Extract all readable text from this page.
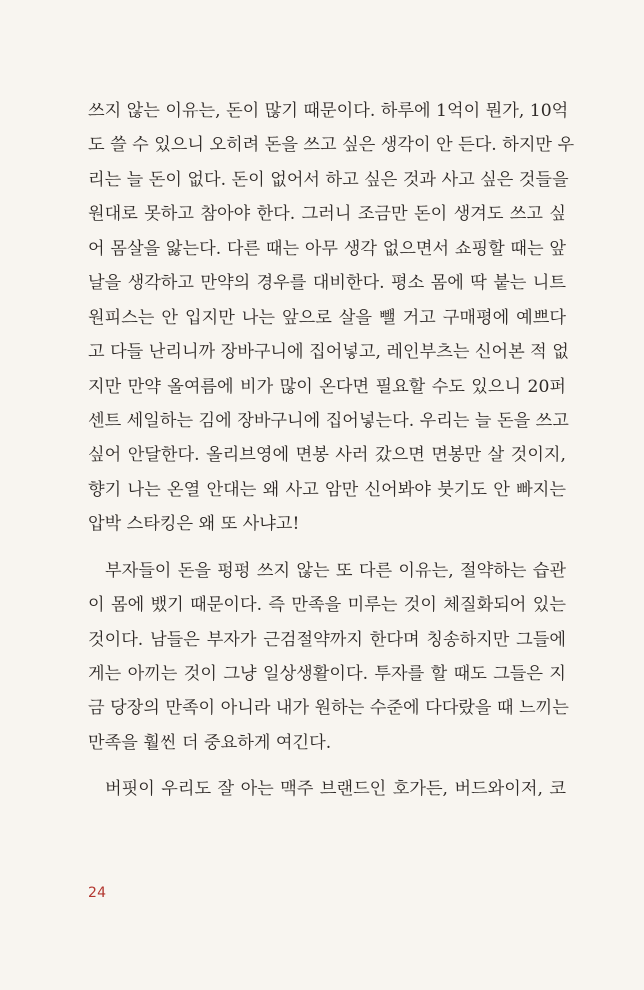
쓰지 않는 이유는, 돈이 많기 때문이다. 하루에 1억이 뭔가, 10억
도 쓸 수 있으니 오히려 돈을 쓰고 싶은 생각이 안 든다. 하지만 우
리는 늘 돈이 없다. 돈이 없어서 하고 싶은 것과 사고 싶은 것들을
원대로 못하고 참아야 한다. 그러니 조금만 돈이 생겨도 쓰고 싶
어 몸살을 앓는다. 다른 때는 아무 생각 없으면서 쇼핑할 때는 앞
날을 생각하고 만약의 경우를 대비한다. 평소 몸에 딱 붙는 니트
원피스는 안 입지만 나는 앞으로 살을 뺄 거고 구매평에 예쁘다
고 다들 난리니까 장바구니에 집어넣고, 레인부츠는 신어본 적 없
지만 만약 올여름에 비가 많이 온다면 필요할 수도 있으니 20퍼
센트 세일하는 김에 장바구니에 집어넣는다. 우리는 늘 돈을 쓰고
싶어 안달한다. 올리브영에 면봉 사러 갔으면 면봉만 살 것이지,
향기 나는 온열 안대는 왜 사고 암만 신어봐야 붓기도 안 빠지는
압박 스타킹은 왜 또 사냐고!
부자들이 돈을 펑펑 쓰지 않는 또 다른 이유는, 절약하는 습관
이 몸에 뱄기 때문이다. 즉 만족을 미루는 것이 체질화되어 있는
것이다. 남들은 부자가 근검절약까지 한다며 칭송하지만 그들에
게는 아끼는 것이 그냥 일상생활이다. 투자를 할 때도 그들은 지
금 당장의 만족이 아니라 내가 원하는 수준에 다다랐을 때 느끼는
만족을 훨씬 더 중요하게 여긴다.
버핏이 우리도 잘 아는 맥주 브랜드인 호가든, 버드와이저, 코
24
